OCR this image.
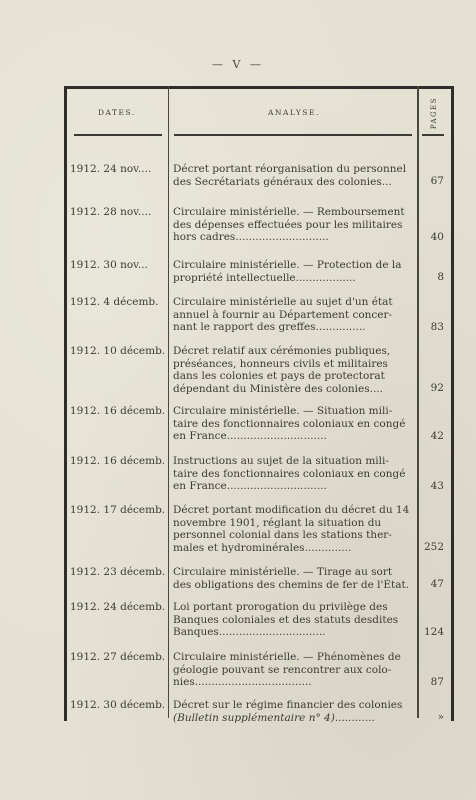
— V —
DATES.	ANALYSE.	PAGES
1912. 24 nov....	Décret portant réorganisation du personnel
des Secrétariats généraux des colonies...	67
1912. 28 nov....	Circulaire ministérielle. — Remboursement
des dépenses effectuées pour les militaires
hors cadres............................	40
1912. 30 nov...	Circulaire ministérielle. — Protection de la
propriété intellectuelle..................	8
1912. 4 décemb.	Circulaire ministérielle au sujet d'un état
annuel à fournir au Département concer-
nant le rapport des greffes...............	83
1912. 10 décemb. Décret relatif aux cérémonies publiques,
préséances, honneurs civils et militaires
dans les colonies et pays de protectorat
dépendant du Ministère des colonies....	92
1912. 16 décemb. Circulaire ministérielle. — Situation mili-
taire des fonctionnaires coloniaux en congé
en France..............................	42
1912. 16 décemb. Instructions au sujet de la situation mili-
taire des fonctionnaires coloniaux en congé
en France..............................	43
1912. 17 décemb. Décret portant modification du décret du 14
novembre 1901, réglant la situation du
personnel colonial dans les stations ther-
males et hydrominérales..............	252
1912. 23 décemb. Circulaire ministérielle. — Tirage au sort
des obligations des chemins de fer de l'État.	47
1912. 24 décemb. Loi portant prorogation du privilège des
Banques coloniales et des statuts desdites
Banques................................	124
1912. 27 décemb. Circulaire ministérielle. — Phénomènes de
géologie pouvant se rencontrer aux colo-
nies...................................	87
1912. 30 décemb. Décret sur le régime financier des colonies
(Bulletin supplémentaire n° 4)............	»
